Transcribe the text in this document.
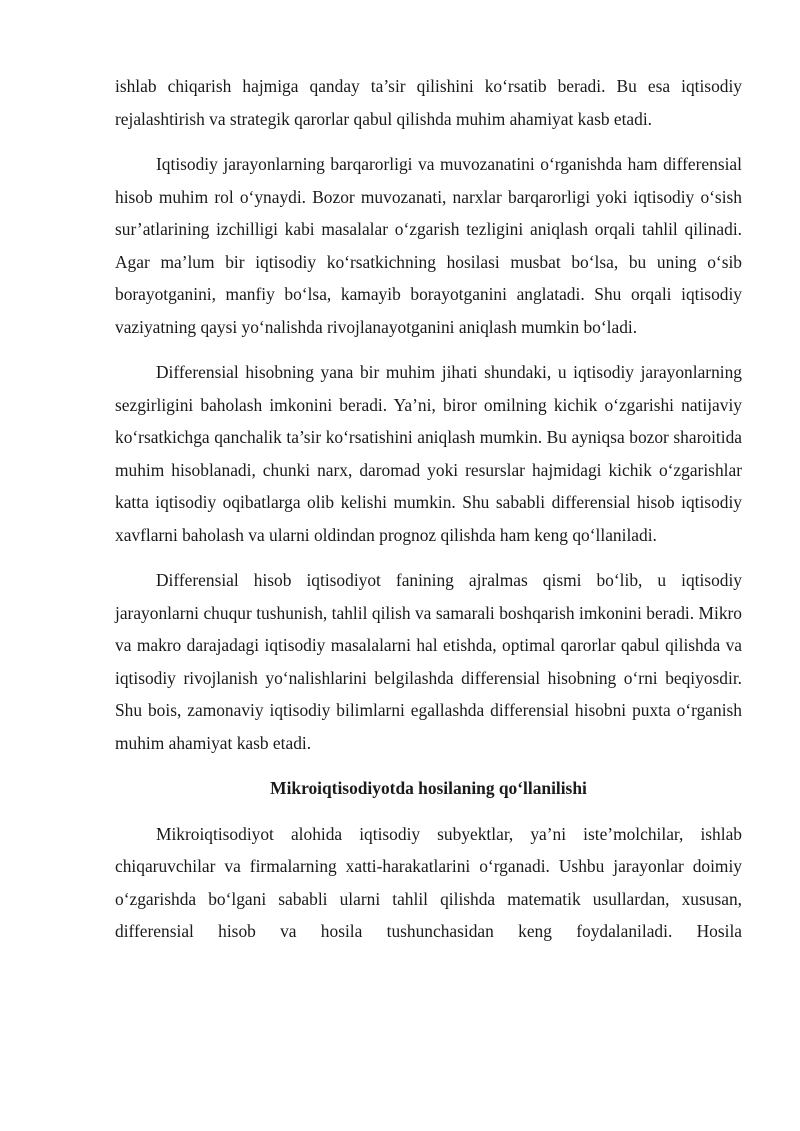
ishlab chiqarish hajmiga qanday ta’sir qilishini ko‘rsatib beradi. Bu esa iqtisodiy rejalashtirish va strategik qarorlar qabul qilishda muhim ahamiyat kasb etadi.

Iqtisodiy jarayonlarning barqarorligi va muvozanatini o‘rganishda ham differensial hisob muhim rol o‘ynaydi. Bozor muvozanati, narxlar barqarorligi yoki iqtisodiy o‘sish sur’atlarining izchilligi kabi masalalar o‘zgarish tezligini aniqlash orqali tahlil qilinadi. Agar ma’lum bir iqtisodiy ko‘rsatkichning hosilasi musbat bo‘lsa, bu uning o‘sib borayotganini, manfiy bo‘lsa, kamayib borayotganini anglatadi. Shu orqali iqtisodiy vaziyatning qaysi yo‘nalishda rivojlanayotganini aniqlash mumkin bo‘ladi.

Differensial hisobning yana bir muhim jihati shundaki, u iqtisodiy jarayonlarning sezgirligini baholash imkonini beradi. Ya’ni, biror omilning kichik o‘zgarishi natijaviy ko‘rsatkichga qanchalik ta’sir ko‘rsatishini aniqlash mumkin. Bu ayniqsa bozor sharoitida muhim hisoblanadi, chunki narx, daromad yoki resurslar hajmidagi kichik o‘zgarishlar katta iqtisodiy oqibatlarga olib kelishi mumkin. Shu sababli differensial hisob iqtisodiy xavflarni baholash va ularni oldindan prognoz qilishda ham keng qo‘llaniladi.

Differensial hisob iqtisodiyot fanining ajralmas qismi bo‘lib, u iqtisodiy jarayonlarni chuqur tushunish, tahlil qilish va samarali boshqarish imkonini beradi. Mikro va makro darajadagi iqtisodiy masalalarni hal etishda, optimal qarorlar qabul qilishda va iqtisodiy rivojlanish yo‘nalishlarini belgilashda differensial hisobning o‘rni beqiyosdir. Shu bois, zamonaviy iqtisodiy bilimlarni egallashda differensial hisobni puxta o‘rganish muhim ahamiyat kasb etadi.

Mikroiqtisodiyotda hosilaning qo‘llanilishi

Mikroiqtisodiyot alohida iqtisodiy subyektlar, ya’ni iste’molchilar, ishlab chiqaruvchilar va firmalarning xatti-harakatlarini o‘rganadi. Ushbu jarayonlar doimiy o‘zgarishda bo‘lgani sababli ularni tahlil qilishda matematik usullardan, xususan, differensial hisob va hosila tushunchasidan keng foydalaniladi. Hosila
